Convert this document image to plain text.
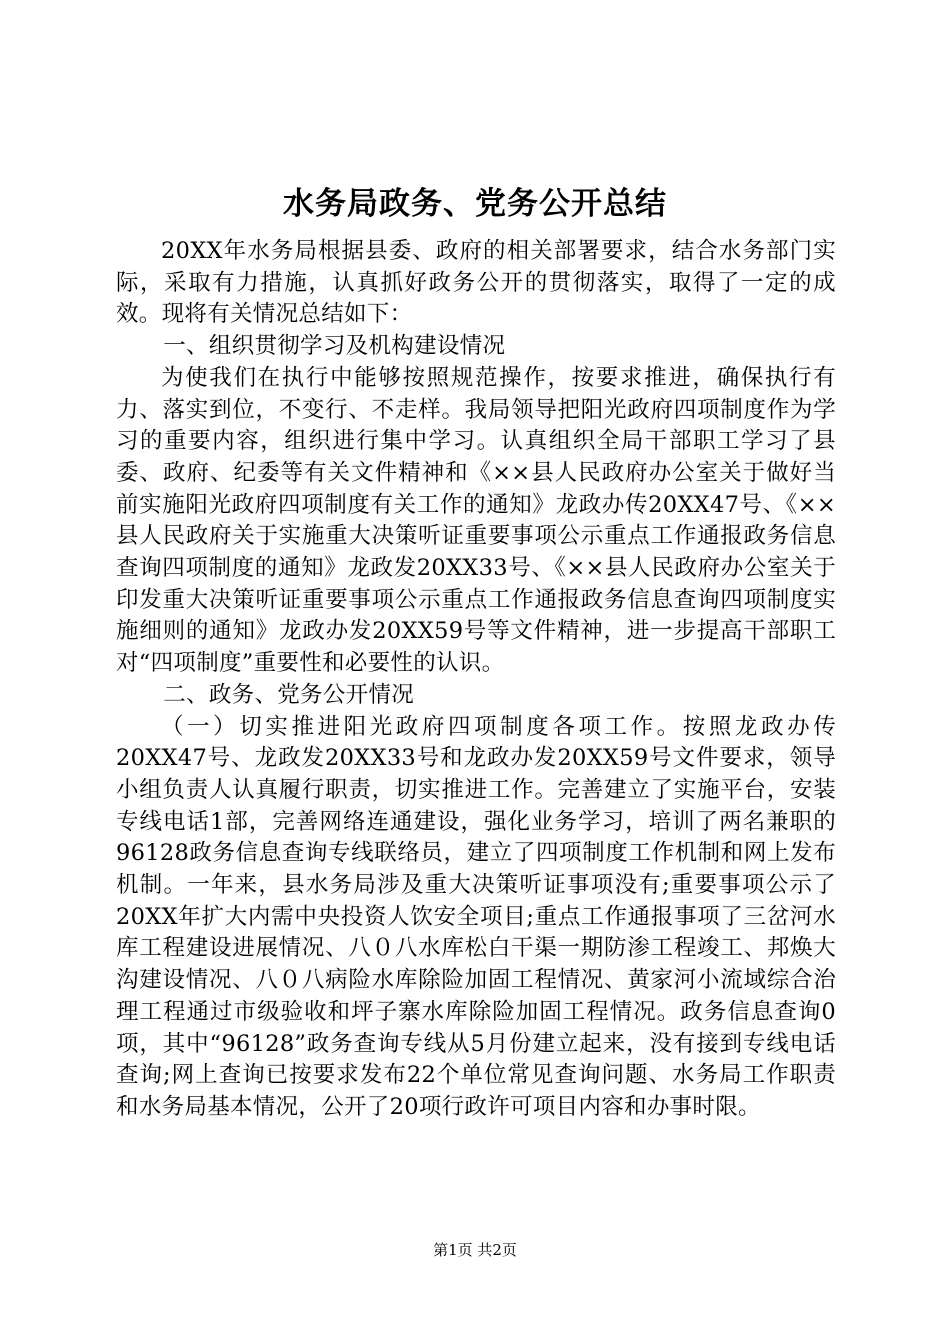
水务局政务、党务公开总结

20XX年水务局根据县委、政府的相关部署要求，结合水务部门实际，采取有力措施，认真抓好政务公开的贯彻落实，取得了一定的成效。现将有关情况总结如下：

一、组织贯彻学习及机构建设情况

为使我们在执行中能够按照规范操作，按要求推进，确保执行有力、落实到位，不变行、不走样。我局领导把阳光政府四项制度作为学习的重要内容，组织进行集中学习。认真组织全局干部职工学习了县委、政府、纪委等有关文件精神和《××县人民政府办公室关于做好当前实施阳光政府四项制度有关工作的通知》龙政办传20XX47号、《××县人民政府关于实施重大决策听证重要事项公示重点工作通报政务信息查询四项制度的通知》龙政发20XX33号、《××县人民政府办公室关于印发重大决策听证重要事项公示重点工作通报政务信息查询四项制度实施细则的通知》龙政办发20XX59号等文件精神，进一步提高干部职工对“四项制度”重要性和必要性的认识。

二、政务、党务公开情况

（一）切实推进阳光政府四项制度各项工作。按照龙政办传20XX47号、龙政发20XX33号和龙政办发20XX59号文件要求，领导小组负责人认真履行职责，切实推进工作。完善建立了实施平台，安装专线电话1部，完善网络连通建设，强化业务学习，培训了两名兼职的96128政务信息查询专线联络员，建立了四项制度工作机制和网上发布机制。一年来，县水务局涉及重大决策听证事项没有;重要事项公示了20XX年扩大内需中央投资人饮安全项目;重点工作通报事项了三岔河水库工程建设进展情况、八０八水库松白干渠一期防渗工程竣工、邦焕大沟建设情况、八０八病险水库除险加固工程情况、黄家河小流域综合治理工程通过市级验收和坪子寨水库除险加固工程情况。政务信息查询0项，其中“96128”政务查询专线从5月份建立起来，没有接到专线电话查询;网上查询已按要求发布22个单位常见查询问题、水务局工作职责和水务局基本情况，公开了20项行政许可项目内容和办事时限。

第1页 共2页
